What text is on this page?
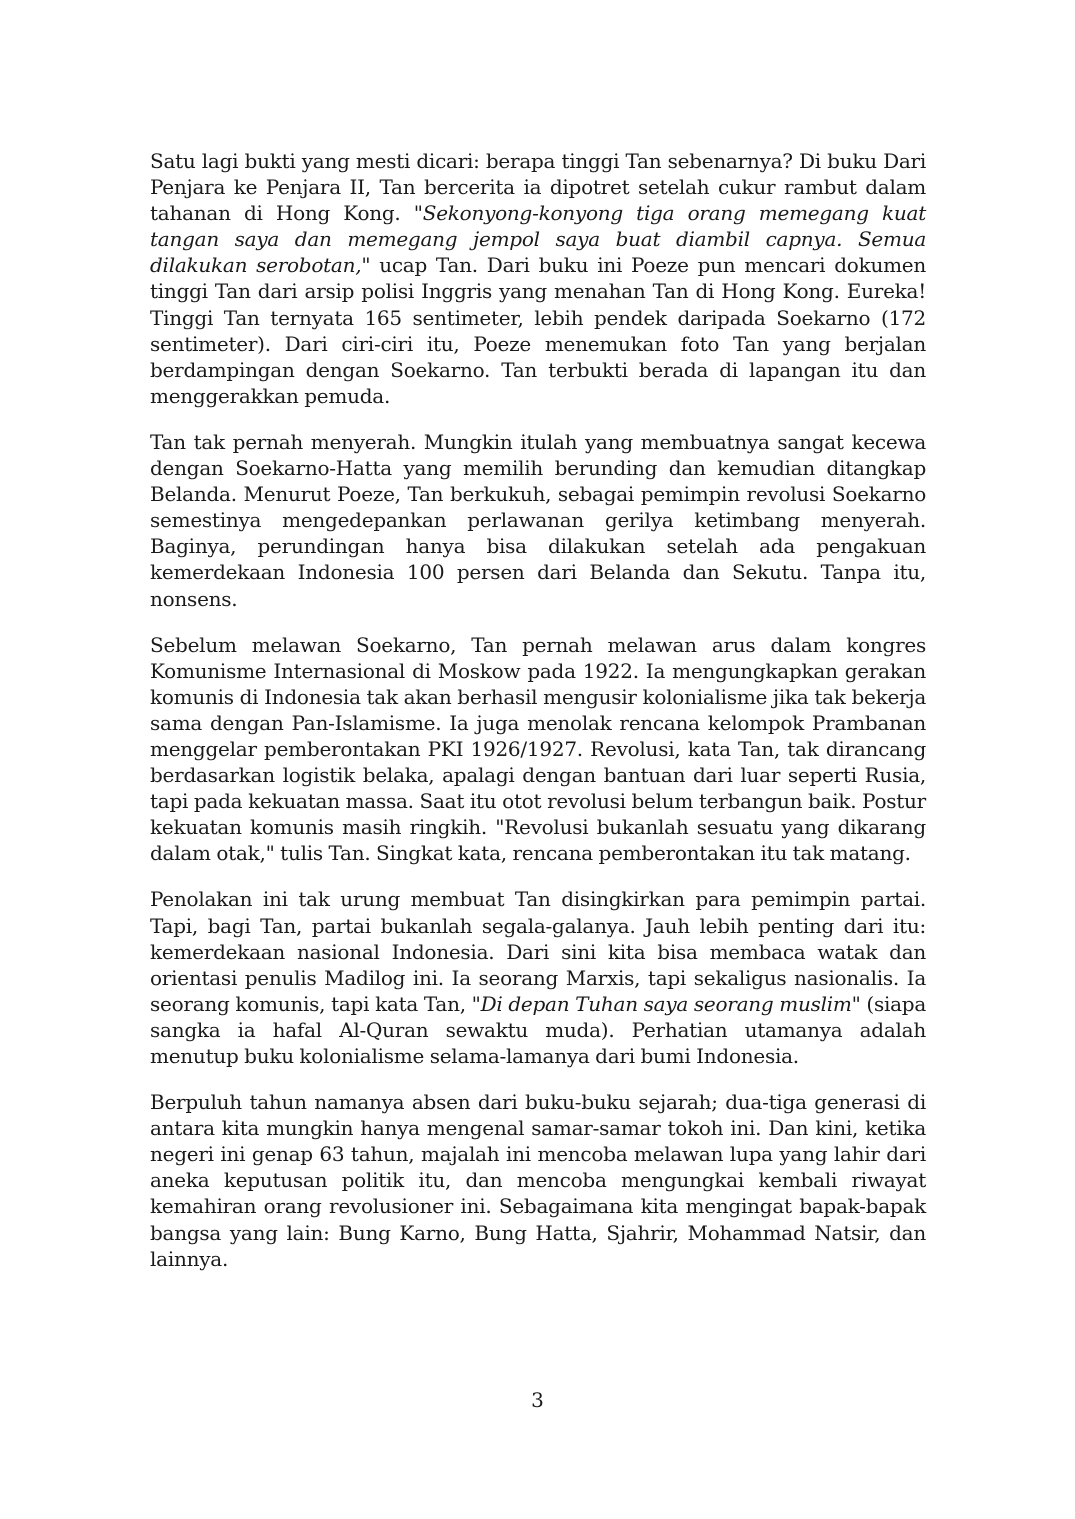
Satu lagi bukti yang mesti dicari: berapa tinggi Tan sebenarnya? Di buku Dari Penjara ke Penjara II, Tan bercerita ia dipotret setelah cukur rambut dalam tahanan di Hong Kong. "Sekonyong-konyong tiga orang memegang kuat tangan saya dan memegang jempol saya buat diambil capnya. Semua dilakukan serobotan," ucap Tan. Dari buku ini Poeze pun mencari dokumen tinggi Tan dari arsip polisi Inggris yang menahan Tan di Hong Kong. Eureka! Tinggi Tan ternyata 165 sentimeter, lebih pendek daripada Soekarno (172 sentimeter). Dari ciri-ciri itu, Poeze menemukan foto Tan yang berjalan berdampingan dengan Soekarno. Tan terbukti berada di lapangan itu dan menggerakkan pemuda.

Tan tak pernah menyerah. Mungkin itulah yang membuatnya sangat kecewa dengan Soekarno-Hatta yang memilih berunding dan kemudian ditangkap Belanda. Menurut Poeze, Tan berkukuh, sebagai pemimpin revolusi Soekarno semestinya mengedepankan perlawanan gerilya ketimbang menyerah. Baginya, perundingan hanya bisa dilakukan setelah ada pengakuan kemerdekaan Indonesia 100 persen dari Belanda dan Sekutu. Tanpa itu, nonsens.

Sebelum melawan Soekarno, Tan pernah melawan arus dalam kongres Komunisme Internasional di Moskow pada 1922. Ia mengungkapkan gerakan komunis di Indonesia tak akan berhasil mengusir kolonialisme jika tak bekerja sama dengan Pan-Islamisme. Ia juga menolak rencana kelompok Prambanan menggelar pemberontakan PKI 1926/1927. Revolusi, kata Tan, tak dirancang berdasarkan logistik belaka, apalagi dengan bantuan dari luar seperti Rusia, tapi pada kekuatan massa. Saat itu otot revolusi belum terbangun baik. Postur kekuatan komunis masih ringkih. "Revolusi bukanlah sesuatu yang dikarang dalam otak," tulis Tan. Singkat kata, rencana pemberontakan itu tak matang.

Penolakan ini tak urung membuat Tan disingkirkan para pemimpin partai. Tapi, bagi Tan, partai bukanlah segala-galanya. Jauh lebih penting dari itu: kemerdekaan nasional Indonesia. Dari sini kita bisa membaca watak dan orientasi penulis Madilog ini. Ia seorang Marxis, tapi sekaligus nasionalis. Ia seorang komunis, tapi kata Tan, "Di depan Tuhan saya seorang muslim" (siapa sangka ia hafal Al-Quran sewaktu muda). Perhatian utamanya adalah menutup buku kolonialisme selama-lamanya dari bumi Indonesia.

Berpuluh tahun namanya absen dari buku-buku sejarah; dua-tiga generasi di antara kita mungkin hanya mengenal samar-samar tokoh ini. Dan kini, ketika negeri ini genap 63 tahun, majalah ini mencoba melawan lupa yang lahir dari aneka keputusan politik itu, dan mencoba mengungkai kembali riwayat kemahiran orang revolusioner ini. Sebagaimana kita mengingat bapak-bapak bangsa yang lain: Bung Karno, Bung Hatta, Sjahrir, Mohammad Natsir, dan lainnya.

3
